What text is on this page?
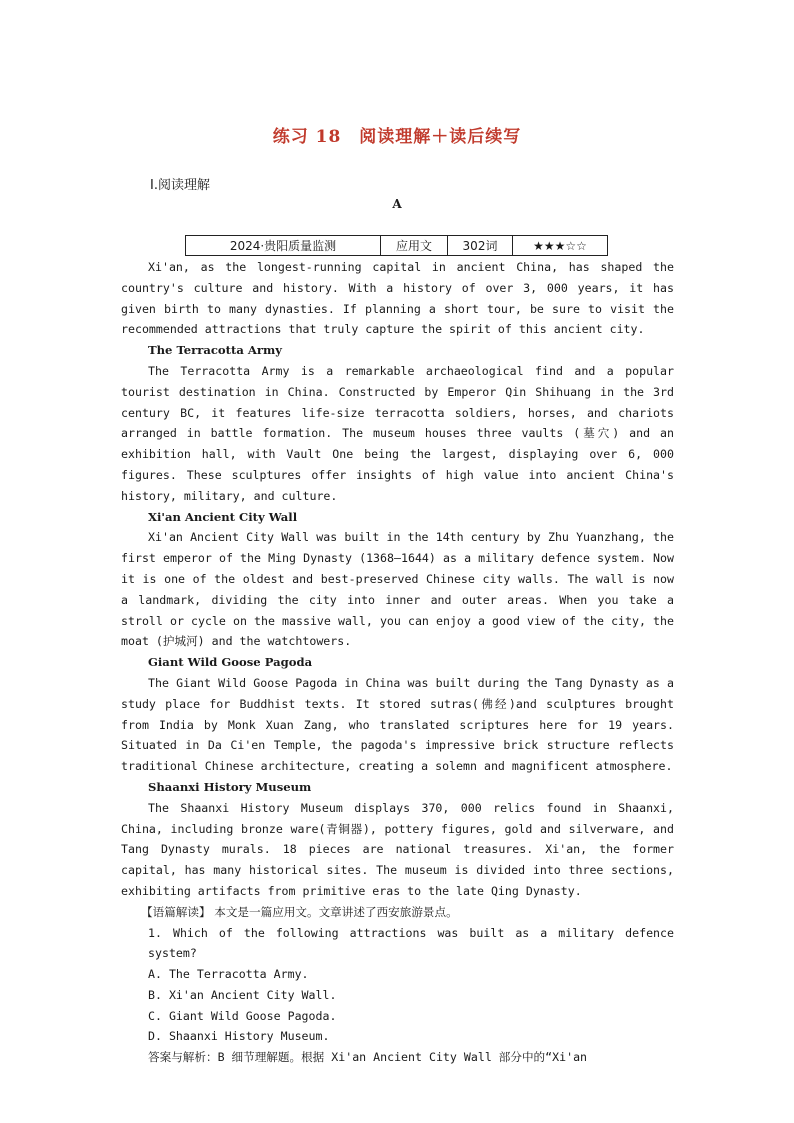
练习 18 阅读理解＋读后续写
Ⅰ.阅读理解
A
2024·贵阳质量监测	应用文	302词	★★★☆☆

Xi'an, as the longest-running capital in ancient China, has shaped the country's culture and history. With a history of over 3, 000 years, it has given birth to many dynasties. If planning a short tour, be sure to visit the recommended attractions that truly capture the spirit of this ancient city.

The Terracotta Army

The Terracotta Army is a remarkable archaeological find and a popular tourist destination in China. Constructed by Emperor Qin Shihuang in the 3rd century BC, it features life-size terracotta soldiers, horses, and chariots arranged in battle formation. The museum houses three vaults (墓穴) and an exhibition hall, with Vault One being the largest, displaying over 6, 000 figures. These sculptures offer insights of high value into ancient China's history, military, and culture.

Xi'an Ancient City Wall

Xi'an Ancient City Wall was built in the 14th century by Zhu Yuanzhang, the first emperor of the Ming Dynasty (1368—1644) as a military defence system. Now it is one of the oldest and best-preserved Chinese city walls. The wall is now a landmark, dividing the city into inner and outer areas. When you take a stroll or cycle on the massive wall, you can enjoy a good view of the city, the moat (护城河) and the watchtowers.

Giant Wild Goose Pagoda

The Giant Wild Goose Pagoda in China was built during the Tang Dynasty as a study place for Buddhist texts. It stored sutras(佛经)and sculptures brought from India by Monk Xuan Zang, who translated scriptures here for 19 years. Situated in Da Ci'en Temple, the pagoda's impressive brick structure reflects traditional Chinese architecture, creating a solemn and magnificent atmosphere.

Shaanxi History Museum

The Shaanxi History Museum displays 370, 000 relics found in Shaanxi, China, including bronze ware(青铜器), pottery figures, gold and silverware, and Tang Dynasty murals. 18 pieces are national treasures. Xi'an, the former capital, has many historical sites. The museum is divided into three sections, exhibiting artifacts from primitive eras to the late Qing Dynasty.

【语篇解读】 本文是一篇应用文。文章讲述了西安旅游景点。

1. Which of the following attractions was built as a military defence system?

A. The Terracotta Army.

B. Xi'an Ancient City Wall.

C. Giant Wild Goose Pagoda.

D. Shaanxi History Museum.

答案与解析：B 细节理解题。根据 Xi'an Ancient City Wall 部分中的“Xi'an
